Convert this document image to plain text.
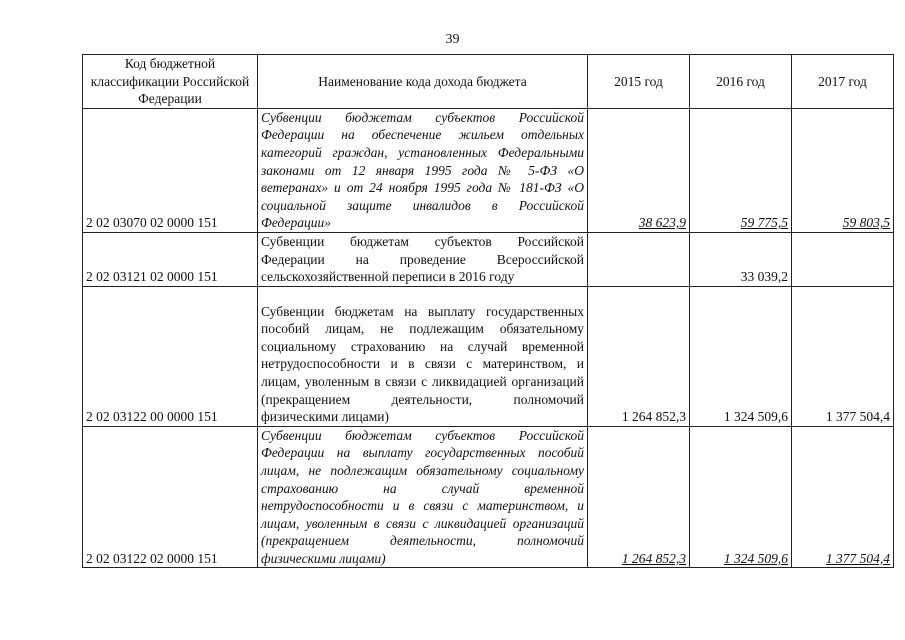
39
Код бюджетной классификации Российской Федерации	Наименование кода дохода бюджета	2015 год	2016 год	2017 год
2 02 03070 02 0000 151	Субвенции бюджетам субъектов Российской Федерации на обеспечение жильем отдельных категорий граждан, установленных Федеральными законами от 12 января 1995 года № 5-ФЗ «О ветеранах» и от 24 ноября 1995 года № 181-ФЗ «О социальной защите инвалидов в Российской Федерации»	38 623,9	59 775,5	59 803,5
2 02 03121 02 0000 151	Субвенции бюджетам субъектов Российской Федерации на проведение Всероссийской сельскохозяйственной переписи в 2016 году		33 039,2	
2 02 03122 00 0000 151	Субвенции бюджетам на выплату государственных пособий лицам, не подлежащим обязательному социальному страхованию на случай временной нетрудоспособности и в связи с материнством, и лицам, уволенным в связи с ликвидацией организаций (прекращением деятельности, полномочий физическими лицами)	1 264 852,3	1 324 509,6	1 377 504,4
2 02 03122 02 0000 151	Субвенции бюджетам субъектов Российской Федерации на выплату государственных пособий лицам, не подлежащим обязательному социальному страхованию на случай временной нетрудоспособности и в связи с материнством, и лицам, уволенным в связи с ликвидацией организаций (прекращением деятельности, полномочий физическими лицами)	1 264 852,3	1 324 509,6	1 377 504,4
